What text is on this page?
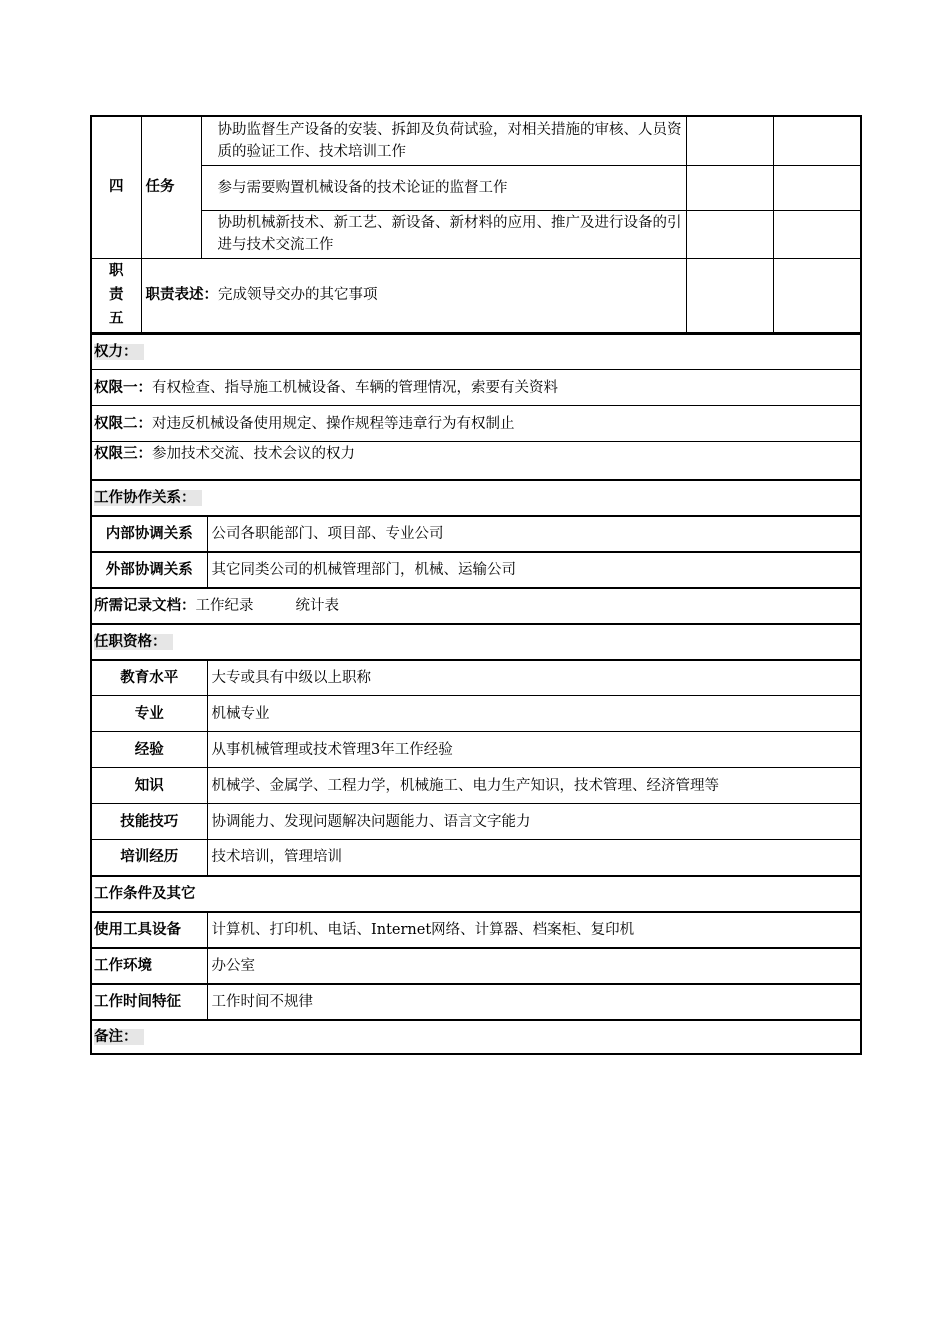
四	任务	协助监督生产设备的安装、拆卸及负荷试验，对相关措施的审核、人员资质的验证工作、技术培训工作		
		参与需要购置机械设备的技术论证的监督工作		
		协助机械新技术、新工艺、新设备、新材料的应用、推广及进行设备的引进与技术交流工作		

职
责
五	职责表述：完成领导交办的其它事项			
权力：	
权限一：有权检查、指导施工机械设备、车辆的管理情况，索要有关资料	
权限二：对违反机械设备使用规定、操作规程等违章行为有权制止	
权限三：参加技术交流、技术会议的权力	
工作协作关系：	
内部协调关系	公司各职能部门、项目部、专业公司
外部协调关系	其它同类公司的机械管理部门，机械、运输公司
所需记录文档：工作纪录 统计表	
任职资格：	
教育水平	大专或具有中级以上职称
专业	机械专业
经验	从事机械管理或技术管理3年工作经验
知识	机械学、金属学、工程力学，机械施工、电力生产知识，技术管理、经济管理等
技能技巧	协调能力、发现问题解决问题能力、语言文字能力
培训经历	技术培训，管理培训
工作条件及其它	
使用工具设备	计算机、打印机、电话、Internet网络、计算器、档案柜、复印机
工作环境	办公室
工作时间特征	工作时间不规律
备注：	
